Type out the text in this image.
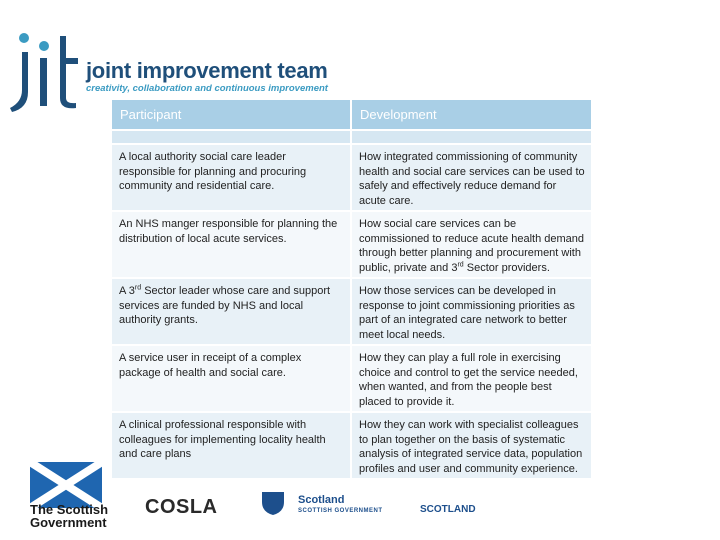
joint improvement team
creativity, collaboration and continuous improvement
The Scottish
Government
COSLA	Scotland
SCOTTISH GOVERNMENT	SCOTLAND
Participant	Development

A local authority social care leader responsible for planning and procuring community and residential care.	How integrated commissioning of community health and social care services can be used to safely and effectively reduce demand for acute care.
An NHS manger responsible for planning the distribution of local acute services.	How social care services can be commissioned to reduce acute health demand through better planning and procurement with public, private and 3rd Sector providers.
A 3rd Sector leader whose care and support services are funded by NHS and local authority grants.	How those services can be developed in response to joint commissioning priorities as part of an integrated care network to better meet local needs.
A service user in receipt of a complex package of health and social care.	How they can play a full role in exercising choice and control to get the service needed, when wanted, and from the people best placed to provide it.
A clinical professional responsible with colleagues for implementing locality health and care plans	How they can work with specialist colleagues to plan together on the basis of systematic analysis of integrated service data, population profiles and user and community experience.
